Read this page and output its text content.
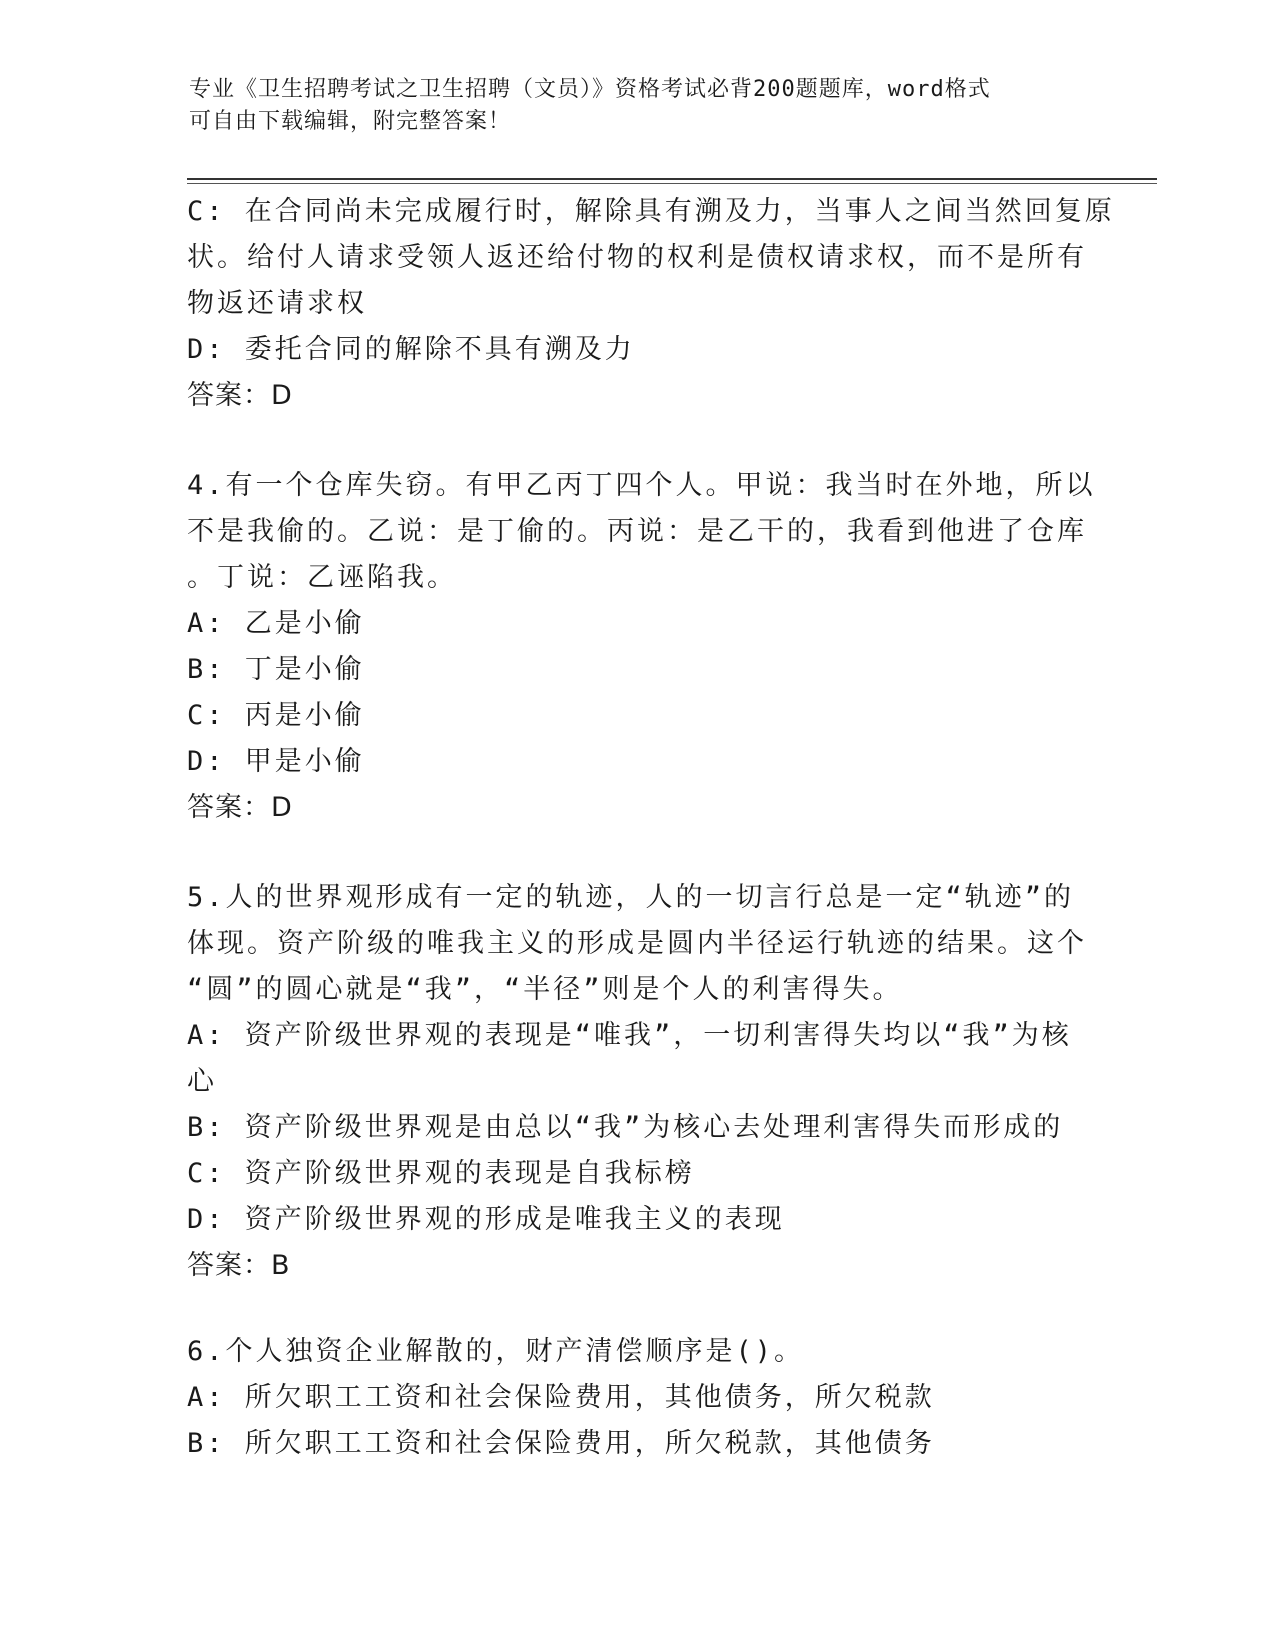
专业《卫生招聘考试之卫生招聘（文员）》资格考试必背200题题库，word格式
可自由下载编辑，附完整答案！
C: 在合同尚未完成履行时，解除具有溯及力，当事人之间当然回复原
状。给付人请求受领人返还给付物的权利是债权请求权，而不是所有
物返还请求权
D: 委托合同的解除不具有溯及力
答案：D
4.有一个仓库失窃。有甲乙丙丁四个人。甲说：我当时在外地，所以
不是我偷的。乙说：是丁偷的。丙说：是乙干的，我看到他进了仓库
。丁说：乙诬陷我。
A: 乙是小偷
B: 丁是小偷
C: 丙是小偷
D: 甲是小偷
答案：D
5.人的世界观形成有一定的轨迹，人的一切言行总是一定“轨迹”的
体现。资产阶级的唯我主义的形成是圆内半径运行轨迹的结果。这个
“圆”的圆心就是“我”，“半径”则是个人的利害得失。
A: 资产阶级世界观的表现是“唯我”，一切利害得失均以“我”为核
心
B: 资产阶级世界观是由总以“我”为核心去处理利害得失而形成的
C: 资产阶级世界观的表现是自我标榜
D: 资产阶级世界观的形成是唯我主义的表现
答案：B
6.个人独资企业解散的，财产清偿顺序是()。
A: 所欠职工工资和社会保险费用，其他债务，所欠税款
B: 所欠职工工资和社会保险费用，所欠税款，其他债务
